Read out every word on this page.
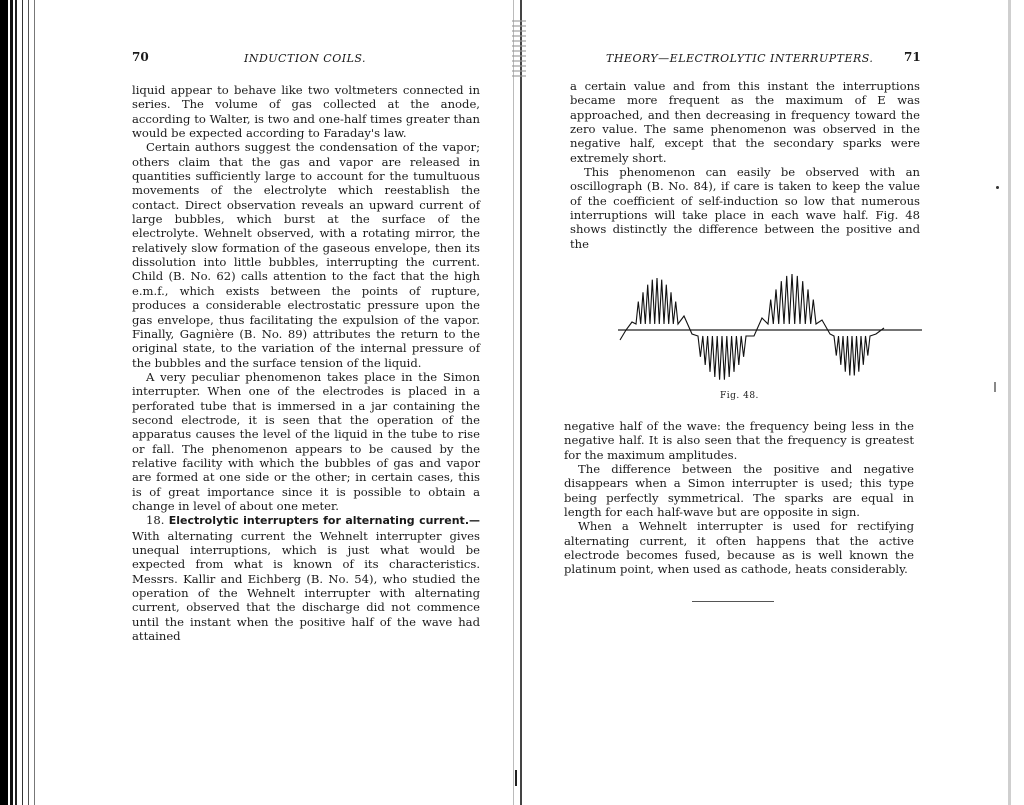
70	INDUCTION COILS.

liquid appear to behave like two voltmeters connected in series. The volume of gas collected at the anode, according to Walter, is two and one-half times greater than would be expected according to Faraday's law.

Certain authors suggest the condensation of the vapor; others claim that the gas and vapor are released in quantities sufficiently large to account for the tumultuous movements of the electrolyte which reestablish the contact. Direct observation reveals an upward current of large bubbles, which burst at the surface of the electrolyte. Wehnelt observed, with a rotating mirror, the relatively slow formation of the gaseous envelope, then its dissolution into little bubbles, interrupting the current. Child (B. No. 62) calls attention to the fact that the high e.m.f., which exists between the points of rupture, produces a considerable electrostatic pressure upon the gas envelope, thus facilitating the expulsion of the vapor. Finally, Gagnière (B. No. 89) attributes the return to the original state, to the variation of the internal pressure of the bubbles and the surface tension of the liquid.

A very peculiar phenomenon takes place in the Simon interrupter. When one of the electrodes is placed in a perforated tube that is immersed in a jar containing the second electrode, it is seen that the operation of the apparatus causes the level of the liquid in the tube to rise or fall. The phenomenon appears to be caused by the relative facility with which the bubbles of gas and vapor are formed at one side or the other; in certain cases, this is of great importance since it is possible to obtain a change in level of about one meter.

18. Electrolytic interrupters for alternating current.— With alternating current the Wehnelt interrupter gives unequal interruptions, which is just what would be expected from what is known of its characteristics. Messrs. Kallir and Eichberg (B. No. 54), who studied the operation of the Wehnelt interrupter with alternating current, observed that the discharge did not commence until the instant when the positive half of the wave had attained

THEORY—ELECTROLYTIC INTERRUPTERS.	71

a certain value and from this instant the interruptions became more frequent as the maximum of E was approached, and then decreasing in frequency toward the zero value. The same phenomenon was observed in the negative half, except that the secondary sparks were extremely short.

This phenomenon can easily be observed with an oscillograph (B. No. 84), if care is taken to keep the value of the coefficient of self-induction so low that numerous interruptions will take place in each wave half. Fig. 48 shows distinctly the difference between the positive and the

negative half of the wave: the frequency being less in the negative half. It is also seen that the frequency is greatest for the maximum amplitudes.

The difference between the positive and negative disappears when a Simon interrupter is used; this type being perfectly symmetrical. The sparks are equal in length for each half-wave but are opposite in sign.

When a Wehnelt interrupter is used for rectifying alternating current, it often happens that the active electrode becomes fused, because as is well known the platinum point, when used as cathode, heats considerably.

Fig. 48.
